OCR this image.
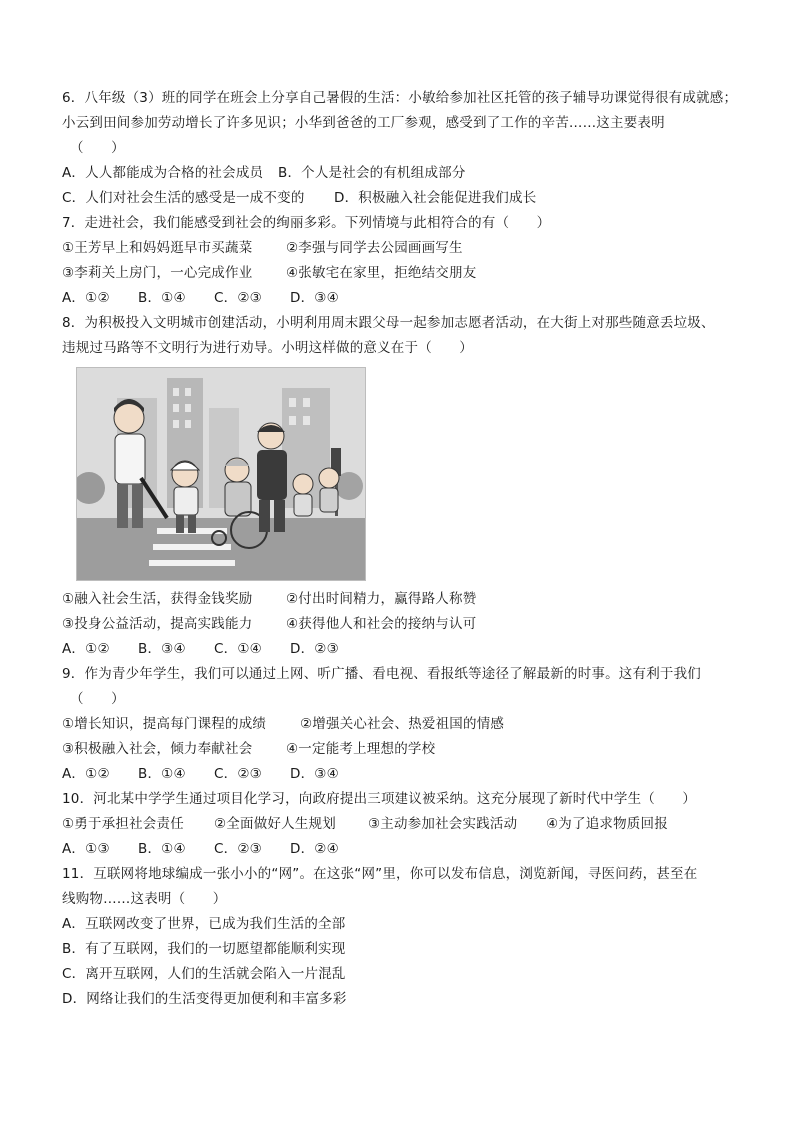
6．八年级（3）班的同学在班会上分享自己暑假的生活：小敏给参加社区托管的孩子辅导功课觉得很有成就感；
小云到田间参加劳动增长了许多见识；小华到爸爸的工厂参观，感受到了工作的辛苦……这主要表明
（　　）
A．人人都能成为合格的社会成员	B．个人是社会的有机组成部分
C．人们对社会生活的感受是一成不变的	D．积极融入社会能促进我们成长
7．走进社会，我们能感受到社会的绚丽多彩。下列情境与此相符合的有（　　）
①王芳早上和妈妈逛早市买蔬菜	②李强与同学去公园画画写生
③李莉关上房门，一心完成作业	④张敏宅在家里，拒绝结交朋友
A．①②	B．①④	C．②③	D．③④
8．为积极投入文明城市创建活动，小明利用周末跟父母一起参加志愿者活动，在大街上对那些随意丢垃圾、
违规过马路等不文明行为进行劝导。小明这样做的意义在于（　　）
①融入社会生活，获得金钱奖励	②付出时间精力，赢得路人称赞
③投身公益活动，提高实践能力	④获得他人和社会的接纳与认可
A．①②	B．③④	C．①④	D．②③
9．作为青少年学生，我们可以通过上网、听广播、看电视、看报纸等途径了解最新的时事。这有利于我们
（　　）
①增长知识，提高每门课程的成绩	②增强关心社会、热爱祖国的情感
③积极融入社会，倾力奉献社会	④一定能考上理想的学校
A．①②	B．①④	C．②③	D．③④
10．河北某中学学生通过项目化学习，向政府提出三项建议被采纳。这充分展现了新时代中学生（　　）
①勇于承担社会责任	②全面做好人生规划	③主动参加社会实践活动	④为了追求物质回报
A．①③	B．①④	C．②③	D．②④
11．互联网将地球编成一张小小的“网”。在这张“网”里，你可以发布信息，浏览新闻，寻医问药，甚至在
线购物……这表明（　　）
A．互联网改变了世界，已成为我们生活的全部
B．有了互联网，我们的一切愿望都能顺利实现
C．离开互联网，人们的生活就会陷入一片混乱
D．网络让我们的生活变得更加便利和丰富多彩
